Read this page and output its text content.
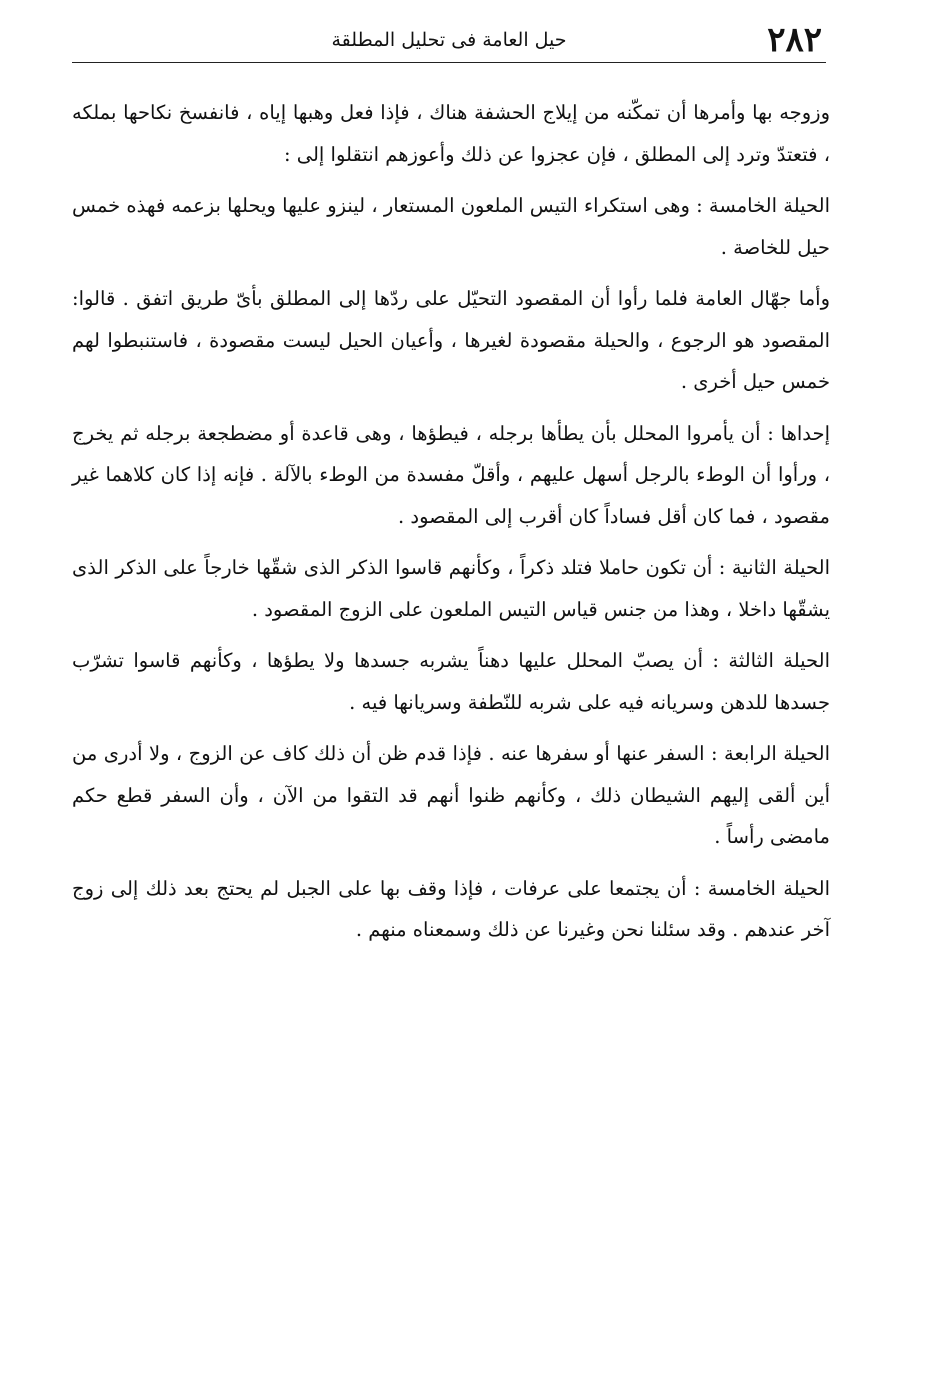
٢٨٢
حيل العامة فى تحليل المطلقة

وزوجه بها وأمرها أن تمكّنه من إيلاج الحشفة هناك ، فإذا فعل وهبها إياه ، فانفسخ نكاحها بملكه ، فتعتدّ وترد إلى المطلق ، فإن عجزوا عن ذلك وأعوزهم انتقلوا إلى :

الحيلة الخامسة : وهى استكراء التيس الملعون المستعار ، لينزو عليها ويحلها بزعمه فهذه خمس حيل للخاصة .

وأما جهّال العامة فلما رأوا أن المقصود التحيّل على ردّها إلى المطلق بأىّ طريق اتفق . قالوا: المقصود هو الرجوع ، والحيلة مقصودة لغيرها ، وأعيان الحيل ليست مقصودة ، فاستنبطوا لهم خمس حيل أخرى .

إحداها : أن يأمروا المحلل بأن يطأها برجله ، فيطؤها ، وهى قاعدة أو مضطجعة برجله ثم يخرج ، ورأوا أن الوطء بالرجل أسهل عليهم ، وأقلّ مفسدة من الوطء بالآلة . فإنه إذا كان كلاهما غير مقصود ، فما كان أقل فساداً كان أقرب إلى المقصود .

الحيلة الثانية : أن تكون حاملا فتلد ذكراً ، وكأنهم قاسوا الذكر الذى شقّها خارجاً على الذكر الذى يشقّها داخلا ، وهذا من جنس قياس التيس الملعون على الزوج المقصود .

الحيلة الثالثة : أن يصبّ المحلل عليها دهناً يشربه جسدها ولا يطؤها ، وكأنهم قاسوا تشرّب جسدها للدهن وسريانه فيه على شربه للنّطفة وسريانها فيه .

الحيلة الرابعة : السفر عنها أو سفرها عنه . فإذا قدم ظن أن ذلك كاف عن الزوج ، ولا أدرى من أين ألقى إليهم الشيطان ذلك ، وكأنهم ظنوا أنهم قد التقوا من الآن ، وأن السفر قطع حكم مامضى رأساً .

الحيلة الخامسة : أن يجتمعا على عرفات ، فإذا وقف بها على الجبل لم يحتج بعد ذلك إلى زوج آخر عندهم . وقد سئلنا نحن وغيرنا عن ذلك وسمعناه منهم .
